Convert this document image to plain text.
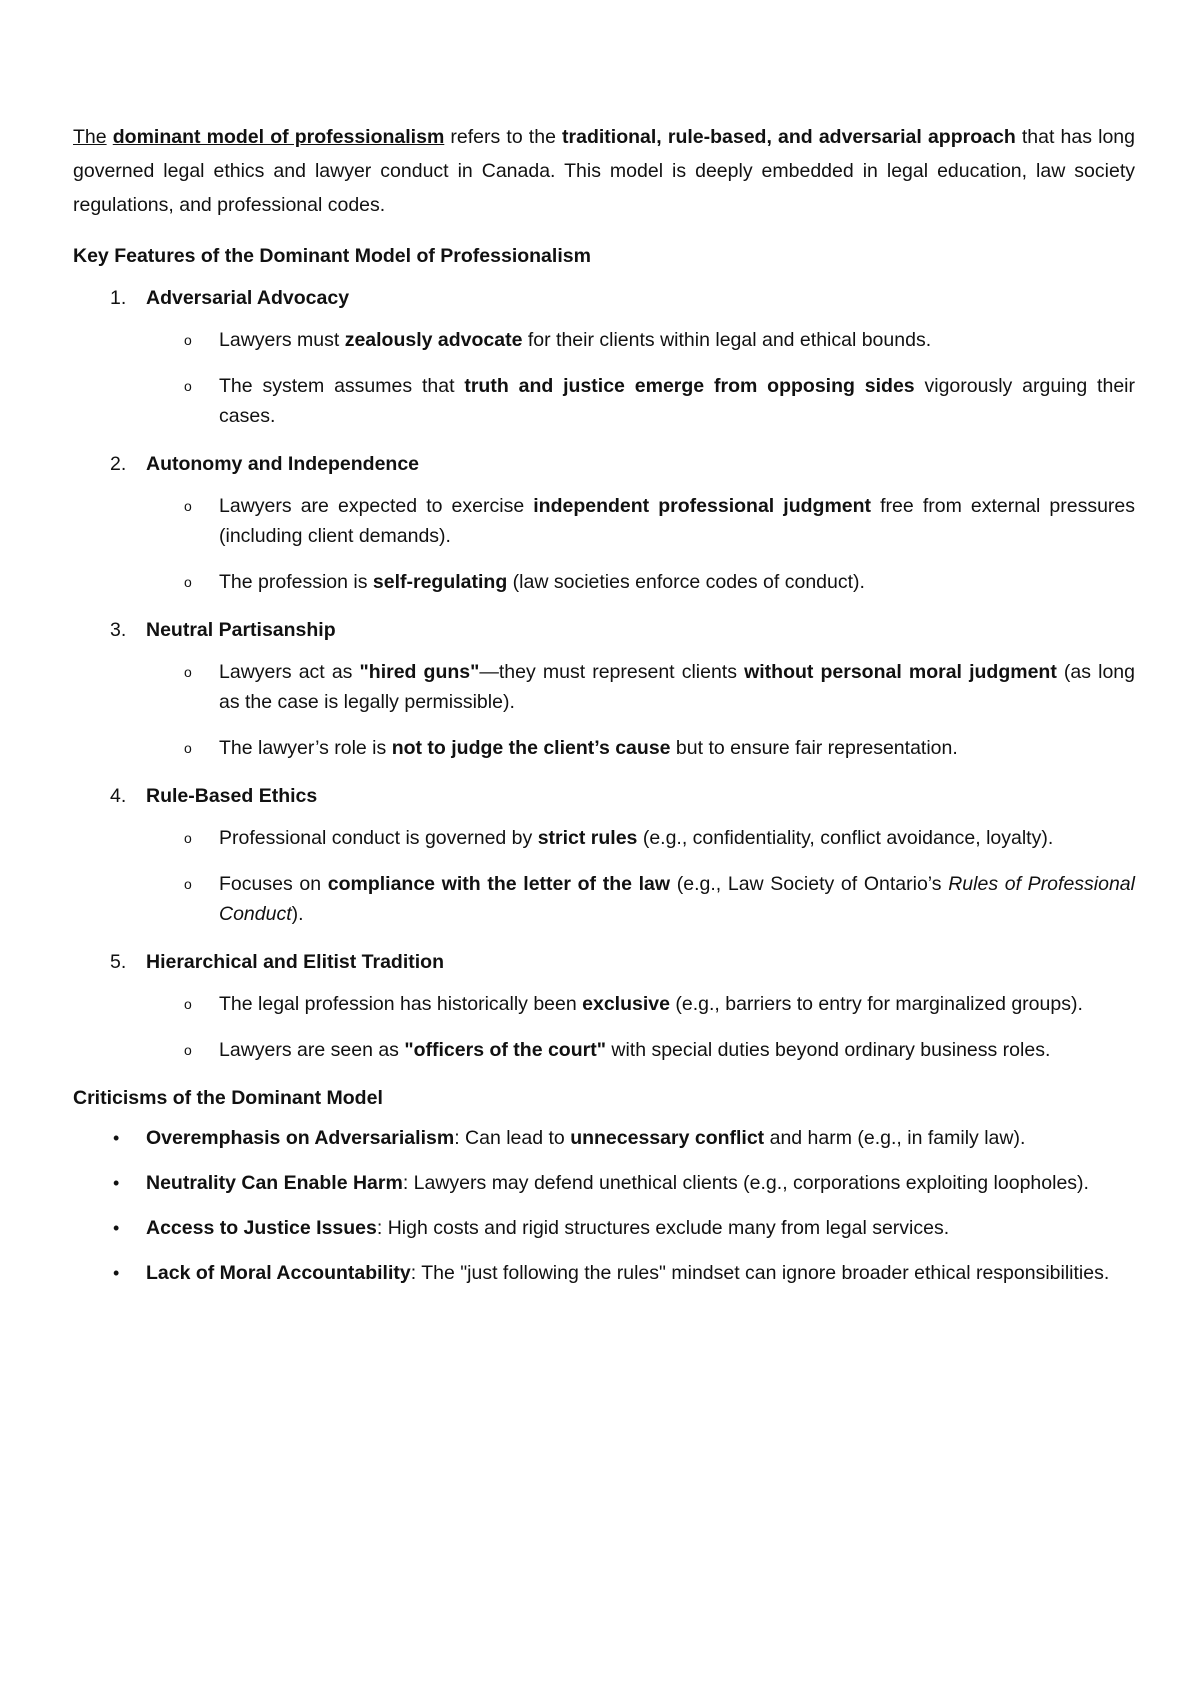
The dominant model of professionalism refers to the traditional, rule-based, and adversarial approach that has long governed legal ethics and lawyer conduct in Canada. This model is deeply embedded in legal education, law society regulations, and professional codes.

Key Features of the Dominant Model of Professionalism

1. Adversarial Advocacy
o Lawyers must zealously advocate for their clients within legal and ethical bounds.
o The system assumes that truth and justice emerge from opposing sides vigorously arguing their cases.
2. Autonomy and Independence
o Lawyers are expected to exercise independent professional judgment free from external pressures (including client demands).
o The profession is self-regulating (law societies enforce codes of conduct).
3. Neutral Partisanship
o Lawyers act as "hired guns"—they must represent clients without personal moral judgment (as long as the case is legally permissible).
o The lawyer’s role is not to judge the client’s cause but to ensure fair representation.
4. Rule-Based Ethics
o Professional conduct is governed by strict rules (e.g., confidentiality, conflict avoidance, loyalty).
o Focuses on compliance with the letter of the law (e.g., Law Society of Ontario’s Rules of Professional Conduct).
5. Hierarchical and Elitist Tradition
o The legal profession has historically been exclusive (e.g., barriers to entry for marginalized groups).
o Lawyers are seen as "officers of the court" with special duties beyond ordinary business roles.

Criticisms of the Dominant Model

• Overemphasis on Adversarialism: Can lead to unnecessary conflict and harm (e.g., in family law).
• Neutrality Can Enable Harm: Lawyers may defend unethical clients (e.g., corporations exploiting loopholes).
• Access to Justice Issues: High costs and rigid structures exclude many from legal services.
• Lack of Moral Accountability: The "just following the rules" mindset can ignore broader ethical responsibilities.
